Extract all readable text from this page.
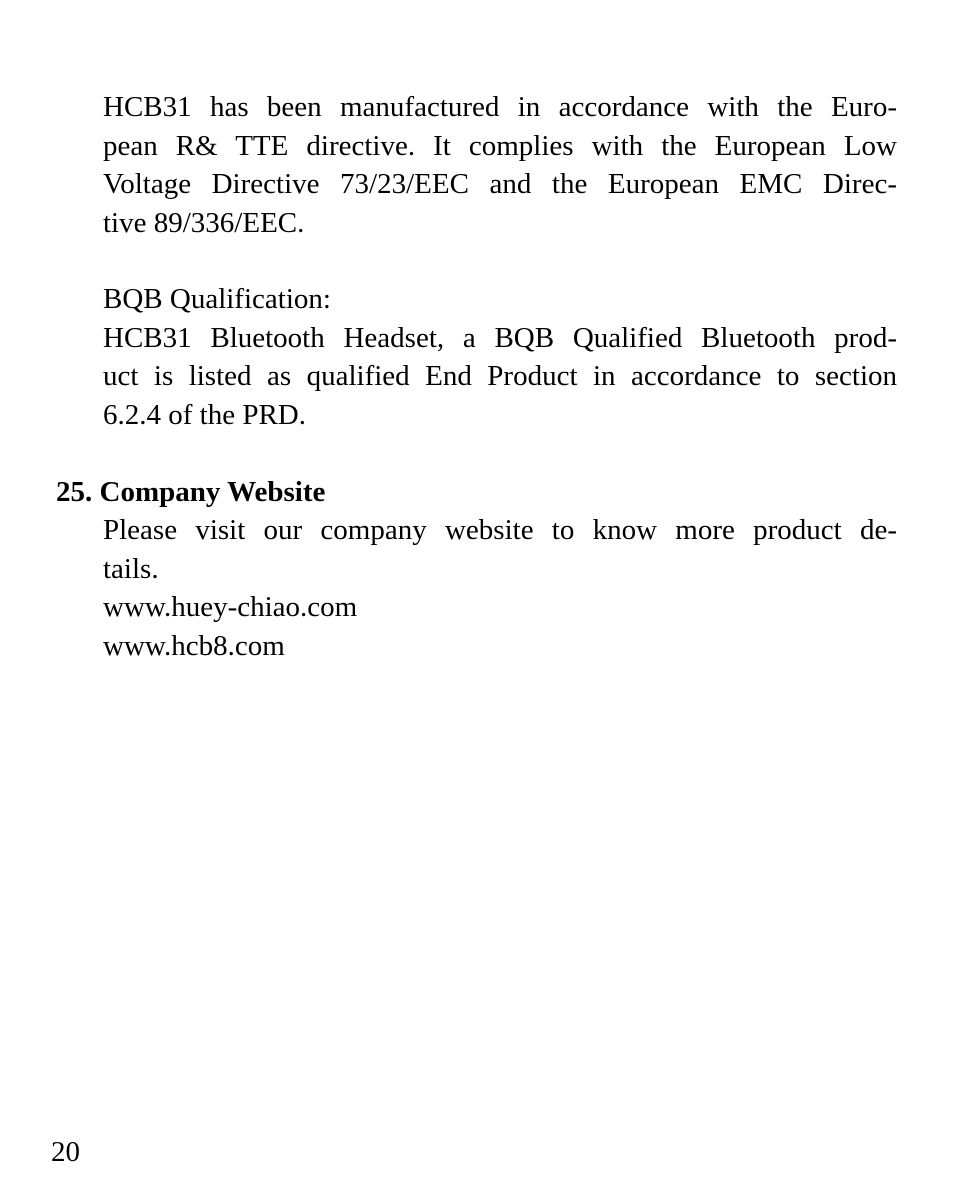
HCB31 has been manufactured in accordance with the Euro-
pean R& TTE directive. It complies with the European Low
Voltage Directive 73/23/EEC and the European EMC Direc-
tive 89/336/EEC.
BQB Qualification:
HCB31 Bluetooth Headset, a BQB Qualified Bluetooth prod-
uct is listed as qualified End Product in accordance to section
6.2.4 of the PRD.
25. Company Website
Please visit our company website to know more product de-
tails.
www.huey-chiao.com
www.hcb8.com
20
